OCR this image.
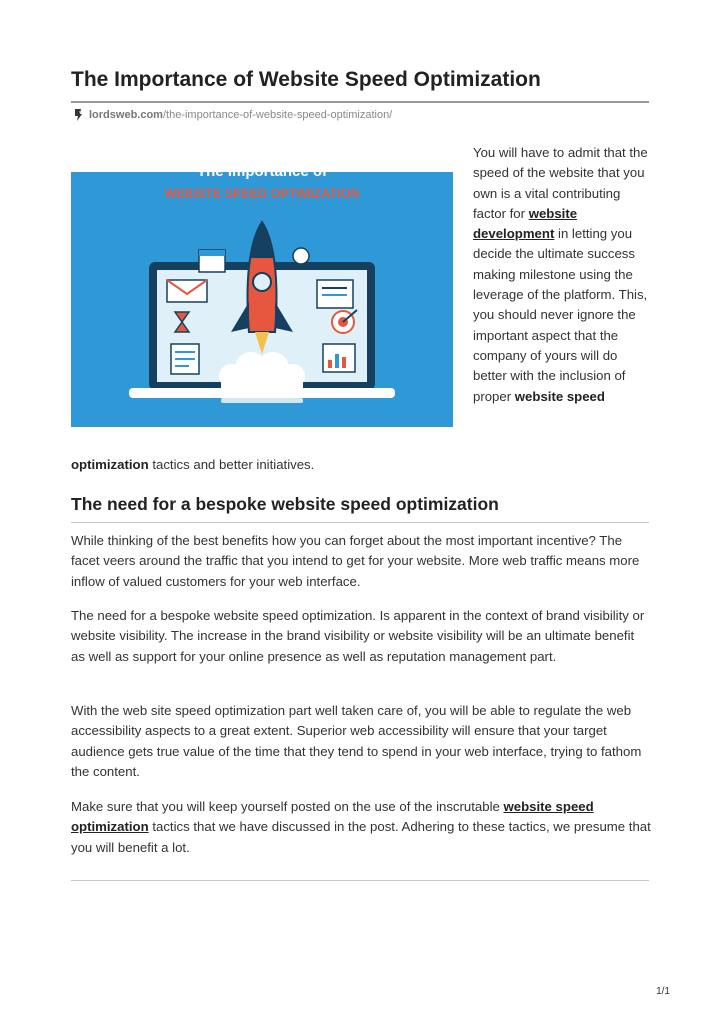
The Importance of Website Speed Optimization
lordsweb.com /the-importance-of-website-speed-optimization/
The Importance of
WEBSITE SPEED OPTIMIZATION
You will have to admit that the speed of the website that you own is a vital contributing factor for website development in letting you decide the ultimate success making milestone using the leverage of the platform. This, you should never ignore the important aspect that the company of yours will do better with the inclusion of proper website speed
optimization tactics and better initiatives.
The need for a bespoke website speed optimization

While thinking of the best benefits how you can forget about the most important incentive? The facet veers around the traffic that you intend to get for your website. More web traffic means more inflow of valued customers for your web interface.

The need for a bespoke website speed optimization. Is apparent in the context of brand visibility or website visibility. The increase in the brand visibility or website visibility will be an ultimate benefit as well as support for your online presence as well as reputation management part.

With the web site speed optimization part well taken care of, you will be able to regulate the web accessibility aspects to a great extent. Superior web accessibility will ensure that your target audience gets true value of the time that they tend to spend in your web interface, trying to fathom the content.

Make sure that you will keep yourself posted on the use of the inscrutable website speed optimization tactics that we have discussed in the post. Adhering to these tactics, we presume that you will benefit a lot.

1/1
